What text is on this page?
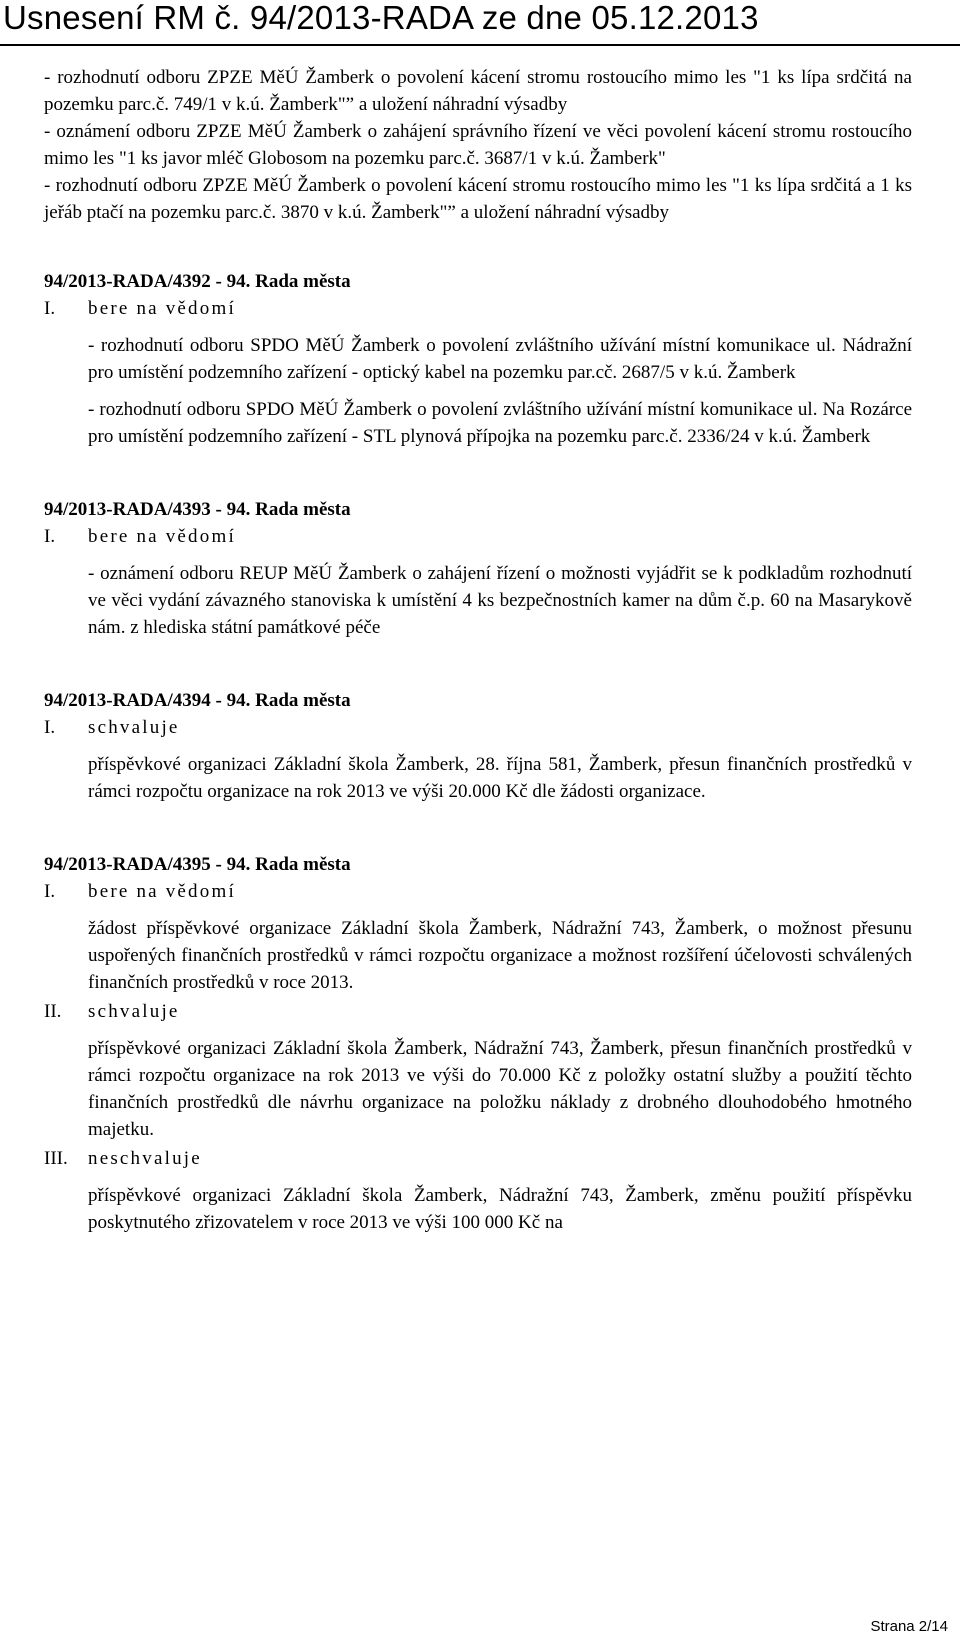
Usnesení RM č. 94/2013-RADA ze dne 05.12.2013

- rozhodnutí odboru ZPZE MěÚ Žamberk o povolení kácení stromu rostoucího mimo les "1 ks lípa srdčitá na pozemku parc.č. 749/1 v k.ú. Žamberk"” a uložení náhradní výsadby

- oznámení odboru ZPZE MěÚ Žamberk o zahájení správního řízení ve věci povolení kácení stromu rostoucího mimo les "1 ks javor mléč Globosom na pozemku parc.č. 3687/1 v k.ú. Žamberk"

- rozhodnutí odboru ZPZE MěÚ Žamberk o povolení kácení stromu rostoucího mimo les "1 ks lípa srdčitá a 1 ks jeřáb ptačí na pozemku parc.č. 3870 v k.ú. Žamberk"” a uložení náhradní výsadby

94/2013-RADA/4392 - 94. Rada města

I. bere na vědomí

- rozhodnutí odboru SPDO MěÚ Žamberk o povolení zvláštního užívání místní komunikace ul. Nádražní pro umístění podzemního zařízení - optický kabel na pozemku par.cč. 2687/5 v k.ú. Žamberk

- rozhodnutí odboru SPDO MěÚ Žamberk o povolení zvláštního užívání místní komunikace ul. Na Rozárce pro umístění podzemního zařízení - STL plynová přípojka na pozemku parc.č. 2336/24 v k.ú. Žamberk

94/2013-RADA/4393 - 94. Rada města

I. bere na vědomí

- oznámení odboru REUP MěÚ Žamberk o zahájení řízení o možnosti vyjádřit se k podkladům rozhodnutí ve věci vydání závazného stanoviska k umístění 4 ks bezpečnostních kamer na dům č.p. 60 na Masarykově nám. z hlediska státní památkové péče

94/2013-RADA/4394 - 94. Rada města

I. schvaluje

příspěvkové organizaci Základní škola Žamberk, 28. října 581, Žamberk, přesun finančních prostředků v rámci rozpočtu organizace na rok 2013 ve výši 20.000 Kč dle žádosti organizace.

94/2013-RADA/4395 - 94. Rada města

I. bere na vědomí

žádost příspěvkové organizace Základní škola Žamberk, Nádražní 743, Žamberk, o možnost přesunu uspořených finančních prostředků v rámci rozpočtu organizace a možnost rozšíření účelovosti schválených finančních prostředků v roce 2013.

II. schvaluje

příspěvkové organizaci Základní škola Žamberk, Nádražní 743, Žamberk, přesun finančních prostředků v rámci rozpočtu organizace na rok 2013 ve výši do 70.000 Kč z položky ostatní služby a použití těchto finančních prostředků dle návrhu organizace na položku náklady z drobného dlouhodobého hmotného majetku.

III. neschvaluje

příspěvkové organizaci Základní škola Žamberk, Nádražní 743, Žamberk, změnu použití příspěvku poskytnutého zřizovatelem v roce 2013 ve výši 100 000 Kč na

Strana 2/14
